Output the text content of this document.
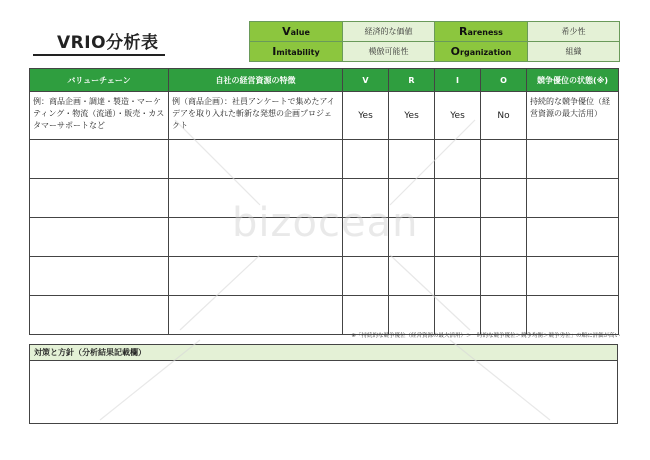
VRIO分析表
Value	経済的な価値	Rareness	希少性
Imitability	模倣可能性	Organization	組織
バリューチェーン	自社の経営資源の特徴	V	R	I	O	競争優位の状態(※)
例：商品企画・調達・製造・マーケティング・物流（流通）・販売・カスタマーサポートなど	例（商品企画）：社員アンケートで集めたアイデアを取り入れた斬新な発想の企画プロジェクト	Yes	Yes	Yes	No	持続的な競争優位（経営資源の最大活用）

※「持続的な競争優位（経営資源の最大活用）＞一時的な競争優位＞競争均衡＞競争劣位」の順に評価が高い
対策と方針（分析結果記載欄）
bizocean
